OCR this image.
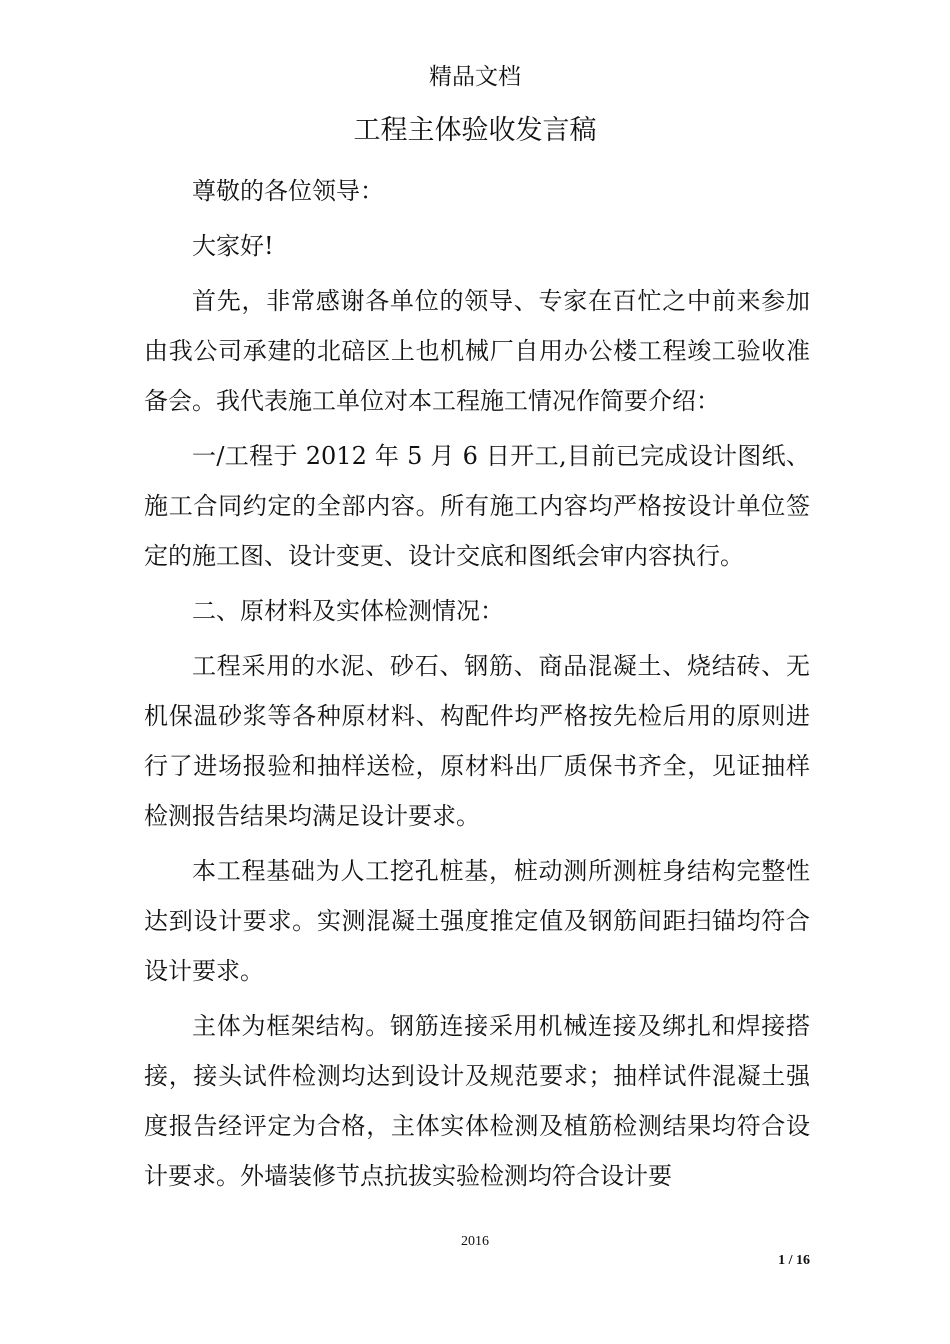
精品文档
工程主体验收发言稿

尊敬的各位领导：

大家好!

首先，非常感谢各单位的领导、专家在百忙之中前来参加由我公司承建的北碚区上也机械厂自用办公楼工程竣工验收准备会。我代表施工单位对本工程施工情况作简要介绍：

一/工程于 2012 年 5 月 6 日开工,目前已完成设计图纸、施工合同约定的全部内容。所有施工内容均严格按设计单位签定的施工图、设计变更、设计交底和图纸会审内容执行。

二、原材料及实体检测情况：

工程采用的水泥、砂石、钢筋、商品混凝土、烧结砖、无机保温砂浆等各种原材料、构配件均严格按先检后用的原则进行了进场报验和抽样送检，原材料出厂质保书齐全，见证抽样检测报告结果均满足设计要求。

本工程基础为人工挖孔桩基，桩动测所测桩身结构完整性达到设计要求。实测混凝土强度推定值及钢筋间距扫锚均符合设计要求。

主体为框架结构。钢筋连接采用机械连接及绑扎和焊接搭接，接头试件检测均达到设计及规范要求；抽样试件混凝土强度报告经评定为合格，主体实体检测及植筋检测结果均符合设计要求。外墙装修节点抗拔实验检测均符合设计要

2016
1 / 16
